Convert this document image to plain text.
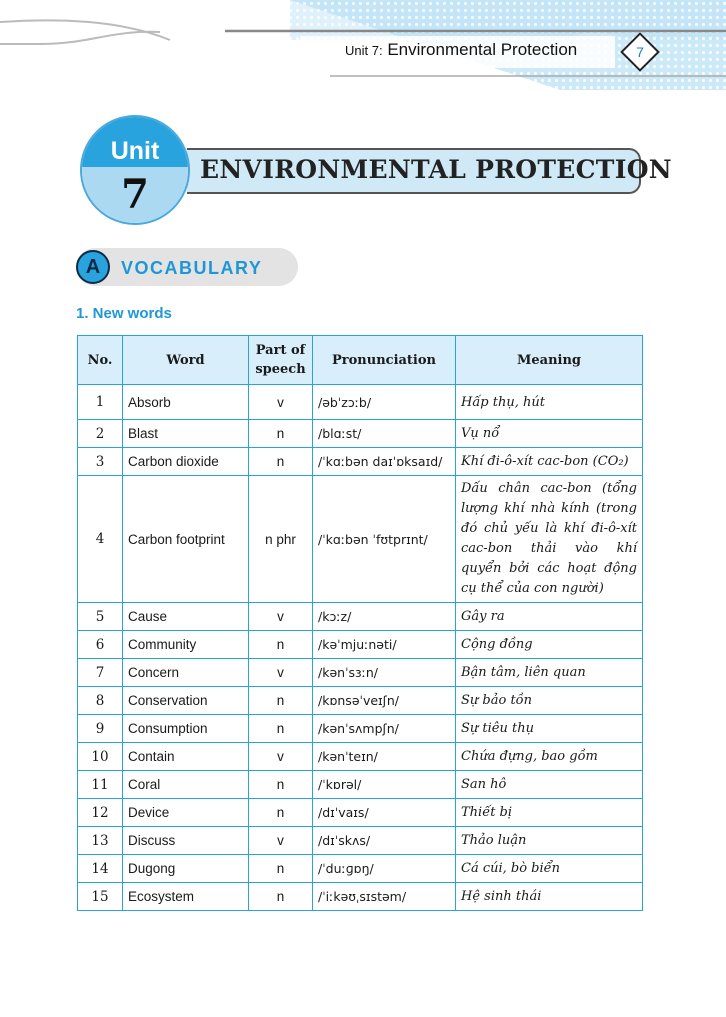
Unit 7: Environmental Protection	7
ENVIRONMENTAL PROTECTION
Unit
7
A	VOCABULARY
1. New words
No.	Word	Part of speech	Pronunciation	Meaning
1	Absorb	v	/əbˈzɔːb/	Hấp thụ, hút
2	Blast	n	/blɑːst/	Vụ nổ
3	Carbon dioxide	n	/ˈkɑːbən daɪˈɒksaɪd/	Khí đi-ô-xít cac-bon (CO₂)
4	Carbon footprint	n phr	/ˈkɑːbən ˈfʊtprɪnt/	Dấu chân cac-bon (tổng lượng khí nhà kính (trong đó chủ yếu là khí đi-ô-xít cac-bon thải vào khí quyển bởi các hoạt động cụ thể của con người)
5	Cause	v	/kɔːz/	Gây ra
6	Community	n	/kəˈmjuːnəti/	Cộng đồng
7	Concern	v	/kənˈsɜːn/	Bận tâm, liên quan
8	Conservation	n	/kɒnsəˈveɪʃn/	Sự bảo tồn
9	Consumption	n	/kənˈsʌmpʃn/	Sự tiêu thụ
10	Contain	v	/kənˈteɪn/	Chứa đựng, bao gồm
11	Coral	n	/ˈkɒrəl/	San hô
12	Device	n	/dɪˈvaɪs/	Thiết bị
13	Discuss	v	/dɪˈskʌs/	Thảo luận
14	Dugong	n	/ˈduːɡɒŋ/	Cá cúi, bò biển
15	Ecosystem	n	/ˈiːkəʊˌsɪstəm/	Hệ sinh thái
